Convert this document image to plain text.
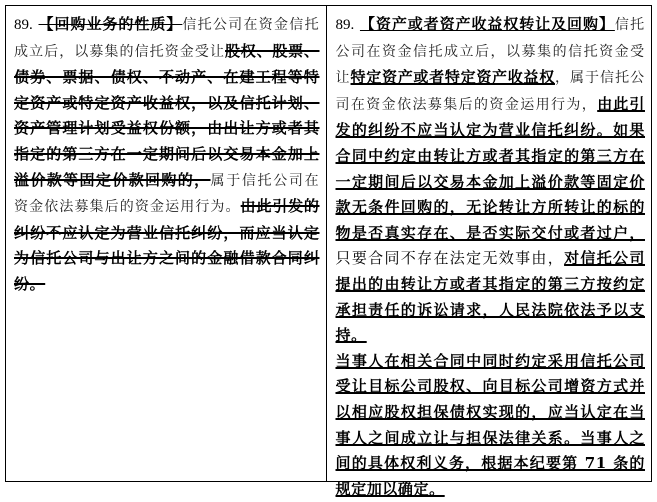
89. 【回购业务的性质】信托公司在资金信托成立后，以募集的信托资金受让股权、股票、债券、票据、债权、不动产、在建工程等特定资产或特定资产收益权，以及信托计划、资产管理计划受益权份额，由出让方或者其指定的第三方在一定期间后以交易本金加上溢价款等固定价款回购的，属于信托公司在资金依法募集后的资金运用行为。由此引发的纠纷不应认定为营业信托纠纷，而应当认定为信托公司与出让方之间的金融借款合同纠纷。
89. 【资产或者资产收益权转让及回购】信托公司在资金信托成立后，以募集的信托资金受让特定资产或者特定资产收益权，属于信托公司在资金依法募集后的资金运用行为，由此引发的纠纷不应当认定为营业信托纠纷。如果合同中约定由转让方或者其指定的第三方在一定期间后以交易本金加上溢价款等固定价款无条件回购的，无论转让方所转让的标的物是否真实存在、是否实际交付或者过户，只要合同不存在法定无效事由，对信托公司提出的由转让方或者其指定的第三方按约定承担责任的诉讼请求，人民法院依法予以支持。
当事人在相关合同中同时约定采用信托公司受让目标公司股权、向目标公司增资方式并以相应股权担保债权实现的，应当认定在当事人之间成立让与担保法律关系。当事人之间的具体权利义务，根据本纪要第 71 条的规定加以确定。
